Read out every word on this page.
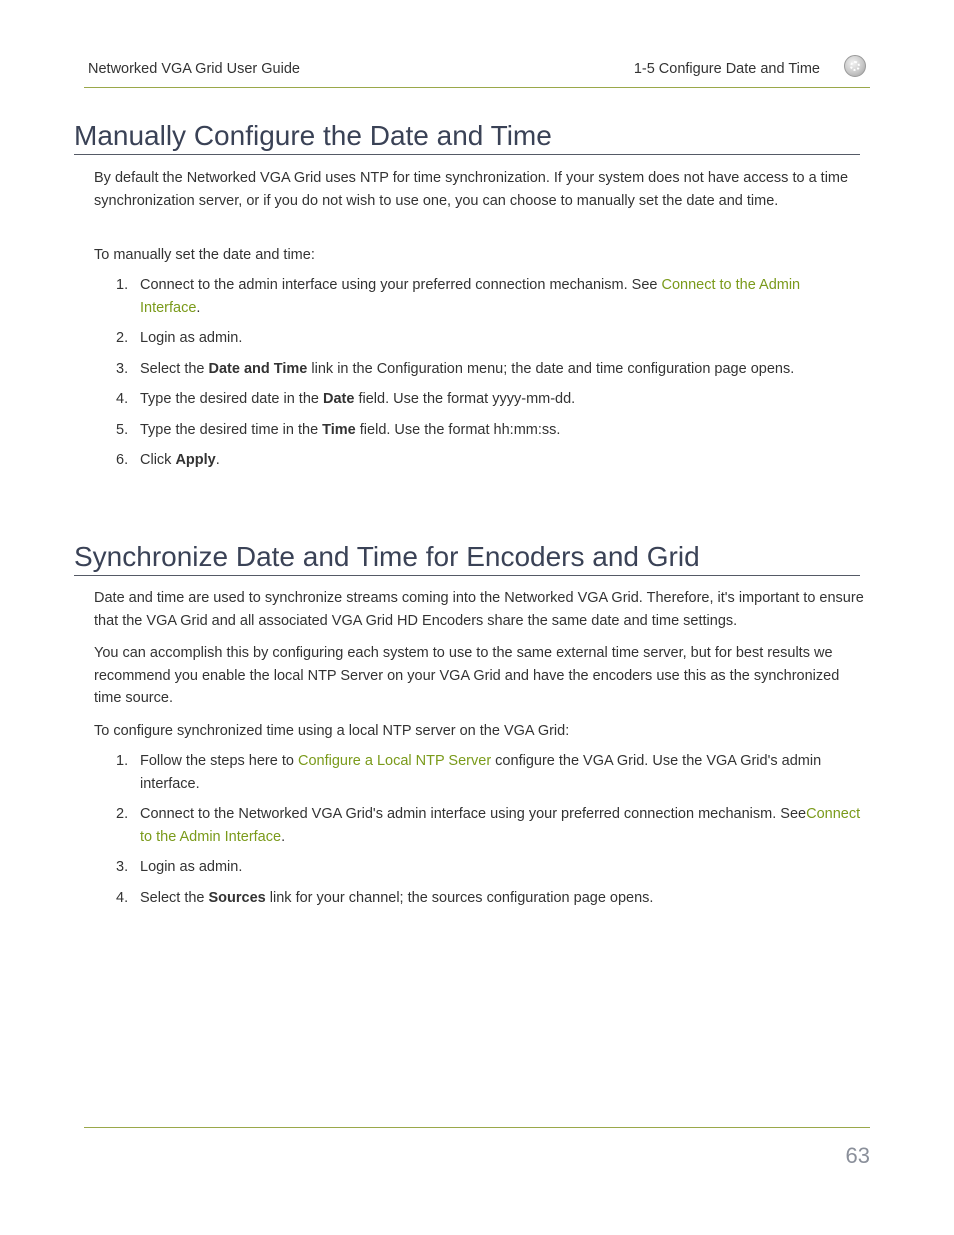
Networked VGA Grid User Guide	1-5 Configure Date and Time
Manually Configure the Date and Time

By default the Networked VGA Grid uses NTP for time synchronization. If your system does not have access to a time synchronization server, or if you do not wish to use one, you can choose to manually set the date and time.

To manually set the date and time:

1. Connect to the admin interface using your preferred connection mechanism. See Connect to the Admin Interface.
2. Login as admin.
3. Select the Date and Time link in the Configuration menu; the date and time configuration page opens.
4. Type the desired date in the Date field. Use the format yyyy-mm-dd.
5. Type the desired time in the Time field. Use the format hh:mm:ss.
6. Click Apply.
Synchronize Date and Time for Encoders and Grid

Date and time are used to synchronize streams coming into the Networked VGA Grid. Therefore, it's important to ensure that the VGA Grid and all associated VGA Grid HD Encoders share the same date and time settings.

You can accomplish this by configuring each system to use to the same external time server, but for best results we recommend you enable the local NTP Server on your VGA Grid and have the encoders use this as the synchronized time source.

To configure synchronized time using a local NTP server on the VGA Grid:

1. Follow the steps here to Configure a Local NTP Server configure the VGA Grid. Use the VGA Grid's admin interface.
2. Connect to the Networked VGA Grid's admin interface using your preferred connection mechanism. SeeConnect to the Admin Interface.
3. Login as admin.
4. Select the Sources link for your channel; the sources configuration page opens.
63
